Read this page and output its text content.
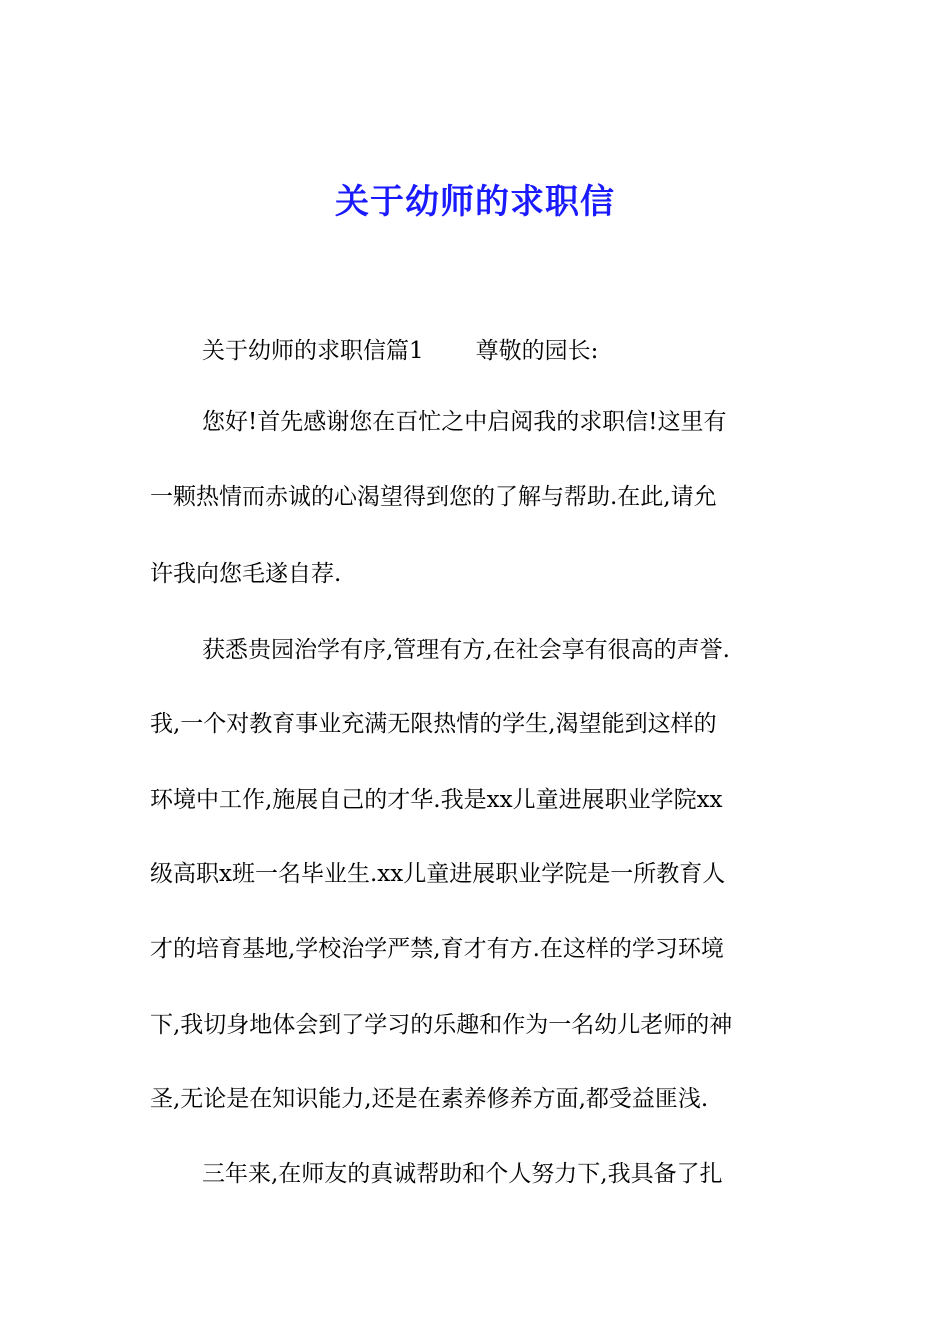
关于幼师的求职信

关于幼师的求职信篇1 尊敬的园长:

您好!首先感谢您在百忙之中启阅我的求职信!这里有

一颗热情而赤诚的心渴望得到您的了解与帮助.在此,请允

许我向您毛遂自荐.

获悉贵园治学有序,管理有方,在社会享有很高的声誉.

我,一个对教育事业充满无限热情的学生,渴望能到这样的

环境中工作,施展自己的才华.我是xx儿童进展职业学院xx

级高职x班一名毕业生.xx儿童进展职业学院是一所教育人

才的培育基地,学校治学严禁,育才有方.在这样的学习环境

下,我切身地体会到了学习的乐趣和作为一名幼儿老师的神

圣,无论是在知识能力,还是在素养修养方面,都受益匪浅.

三年来,在师友的真诚帮助和个人努力下,我具备了扎
